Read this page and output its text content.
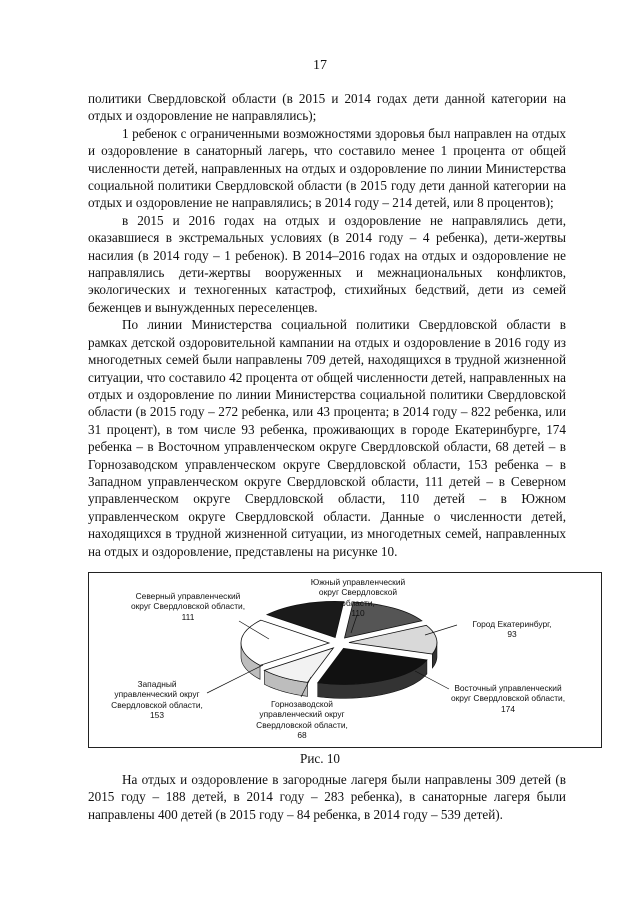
17

политики Свердловской области (в 2015 и 2014 годах дети данной категории на отдых и оздоровление не направлялись);

1 ребенок с ограниченными возможностями здоровья был направлен на отдых и оздоровление в санаторный лагерь, что составило менее 1 процента от общей численности детей, направленных на отдых и оздоровление по линии Министерства социальной политики Свердловской области (в 2015 году дети данной категории на отдых и оздоровление не направлялись; в 2014 году – 214 детей, или 8 процентов);

в 2015 и 2016 годах на отдых и оздоровление не направлялись дети, оказавшиеся в экстремальных условиях (в 2014 году – 4 ребенка), дети-жертвы насилия (в 2014 году – 1 ребенок). В 2014–2016 годах на отдых и оздоровление не направлялись дети-жертвы вооруженных и межнациональных конфликтов, экологических и техногенных катастроф, стихийных бедствий, дети из семей беженцев и вынужденных переселенцев.

По линии Министерства социальной политики Свердловской области в рамках детской оздоровительной кампании на отдых и оздоровление в 2016 году из многодетных семей были направлены 709 детей, находящихся в трудной жизненной ситуации, что составило 42 процента от общей численности детей, направленных на отдых и оздоровление по линии Министерства социальной политики Свердловской области (в 2015 году – 272 ребенка, или 43 процента; в 2014 году – 822 ребенка, или 31 процент), в том числе 93 ребенка, проживающих в городе Екатеринбурге, 174 ребенка – в Восточном управленческом округе Свердловской области, 68 детей – в Горнозаводском управленческом округе Свердловской области, 153 ребенка – в Западном управленческом округе Свердловской области, 111 детей – в Северном управленческом округе Свердловской области, 110 детей – в Южном управленческом округе Свердловской области. Данные о численности детей, находящихся в трудной жизненной ситуации, из многодетных семей, направленных на отдых и оздоровление, представлены на рисунке 10.

Северный управленческий округ Свердловской области,
111
Южный управленческий округ Свердловской области,
110
Город Екатеринбург,
93
Восточный управленческий округ Свердловской области,
174
Горнозаводской управленческий округ Свердловской области,
68
Западный управленческий округ Свердловской области,
153
Рис. 10

На отдых и оздоровление в загородные лагеря были направлены 309 детей (в 2015 году – 188 детей, в 2014 году – 283 ребенка), в санаторные лагеря были направлены 400 детей (в 2015 году – 84 ребенка, в 2014 году – 539 детей).
